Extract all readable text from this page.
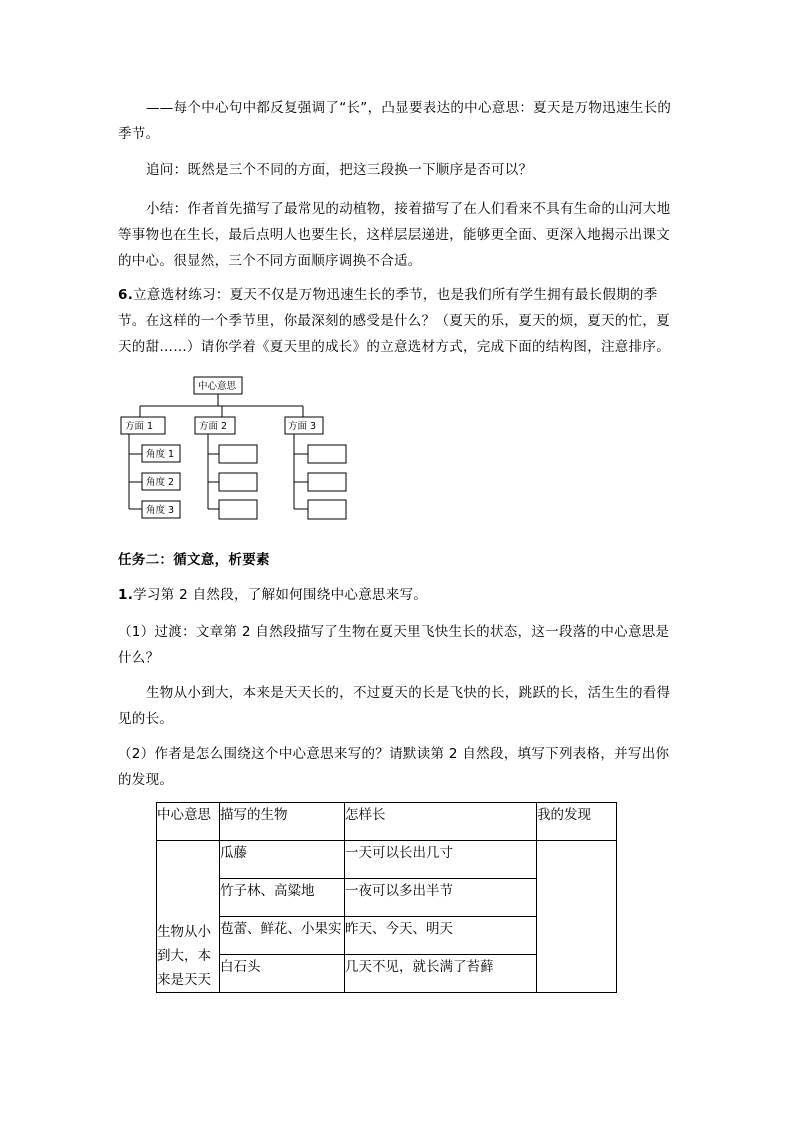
——每个中心句中都反复强调了“长”，凸显要表达的中心意思：夏天是万物迅速生长的季节。

追问：既然是三个不同的方面，把这三段换一下顺序是否可以？

小结：作者首先描写了最常见的动植物，接着描写了在人们看来不具有生命的山河大地等事物也在生长，最后点明人也要生长，这样层层递进，能够更全面、更深入地揭示出课文的中心。很显然，三个不同方面顺序调换不合适。

6.立意选材练习：夏天不仅是万物迅速生长的季节，也是我们所有学生拥有最长假期的季节。在这样的一个季节里，你最深刻的感受是什么？（夏天的乐，夏天的烦，夏天的忙，夏天的甜……）请你学着《夏天里的成长》的立意选材方式，完成下面的结构图，注意排序。

中心意思
方面 1	方面 2	方面 3
角度 1
角度 2
角度 3

任务二：循文意，析要素

1.学习第 2 自然段，了解如何围绕中心意思来写。

（1）过渡：文章第 2 自然段描写了生物在夏天里飞快生长的状态，这一段落的中心意思是什么？

生物从小到大，本来是天天长的，不过夏天的长是飞快的长，跳跃的长，活生生的看得见的长。

（2）作者是怎么围绕这个中心意思来写的？请默读第 2 自然段，填写下列表格，并写出你的发现。

中心意思	描写的生物	怎样长	我的发现
生物从小到大，本来是天天	瓜藤	一天可以长出几寸	
	竹子林、高粱地	一夜可以多出半节	
	苞蕾、鲜花、小果实	昨天、今天、明天	
	白石头	几天不见，就长满了苔藓	
